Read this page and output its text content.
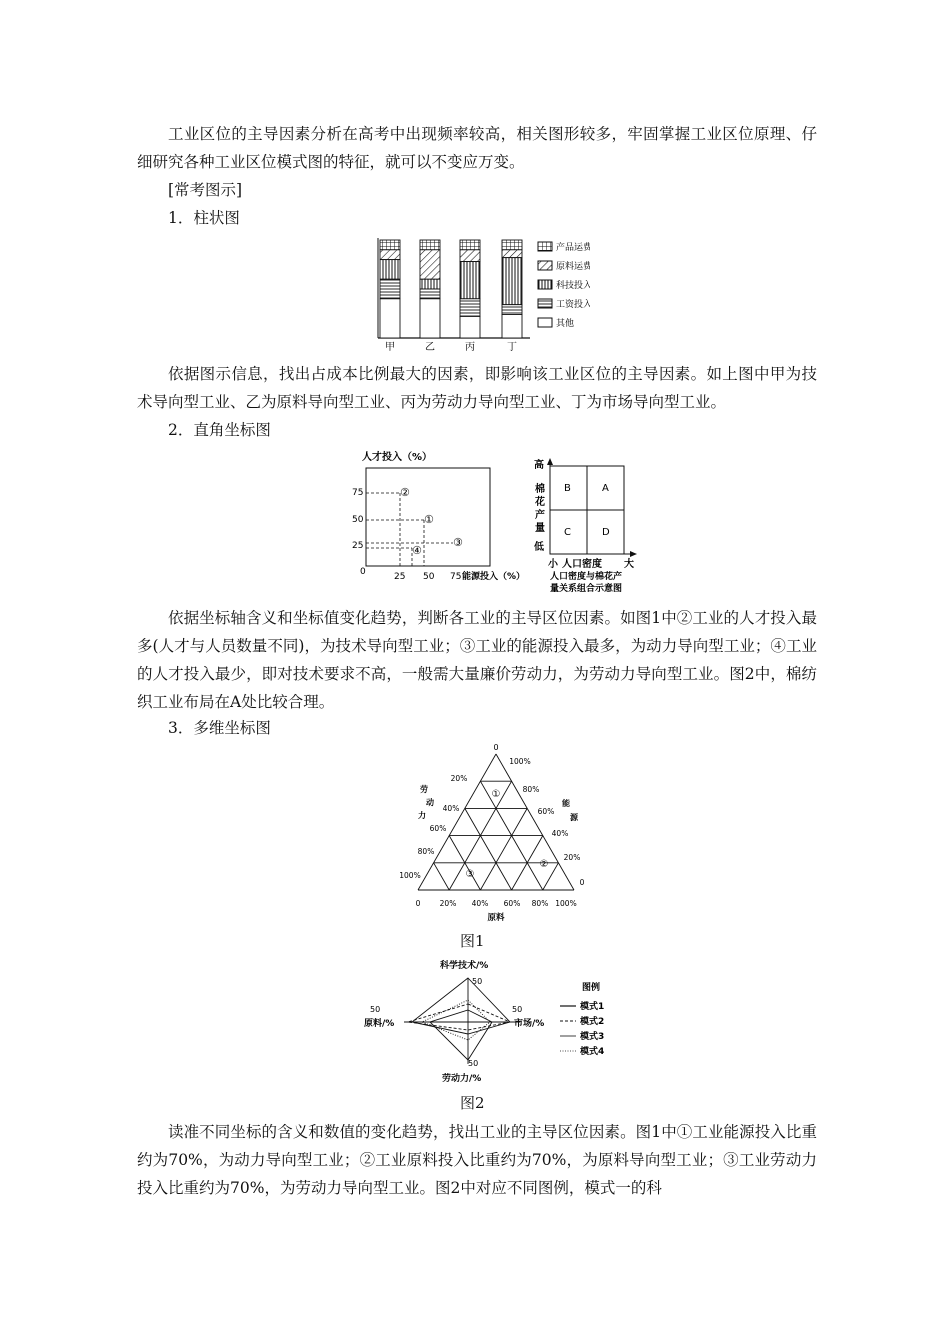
工业区位的主导因素分析在高考中出现频率较高，相关图形较多，牢固掌握工业区位原理、仔细研究各种工业区位模式图的特征，就可以不变应万变。

[常考图示]

1．柱状图

甲	乙	丙	丁
产品运费
原料运费
科技投入
工资投入
其他

依据图示信息，找出占成本比例最大的因素，即影响该工业区位的主导因素。如上图中甲为技术导向型工业、乙为原料导向型工业、丙为劳动力导向型工业、丁为市场导向型工业。

2．直角坐标图

人才投入（%）
75
50
25
0	25 50 75 能源投入（%）
②
①
③
④
高
棉
花
产
量
低
B	A
C	D
小 人口密度 大
人口密度与棉花产
量关系组合示意图

依据坐标轴含义和坐标值变化趋势，判断各工业的主导区位因素。如图1中②工业的人才投入最多(人才与人员数量不同)，为技术导向型工业；③工业的能源投入最多，为动力导向型工业；④工业的人才投入最少，即对技术要求不高，一般需大量廉价劳动力，为劳动力导向型工业。图2中，棉纺织工业布局在A处比较合理。

3．多维坐标图

0
劳
动
力
能
源
20%
40%
60%
80%
100%
100%
80%
60%
40%
20%
0
0	20% 40% 60% 80% 100%
原料
①
②
③
图1
科学技术/%
50
50
原料/%
50
市场/%
50
劳动力/%
图例
模式1
模式2
模式3
模式4
图2

读准不同坐标的含义和数值的变化趋势，找出工业的主导区位因素。图1中①工业能源投入比重约为70%，为动力导向型工业；②工业原料投入比重约为70%，为原料导向型工业；③工业劳动力投入比重约为70%，为劳动力导向型工业。图2中对应不同图例，模式一的科
